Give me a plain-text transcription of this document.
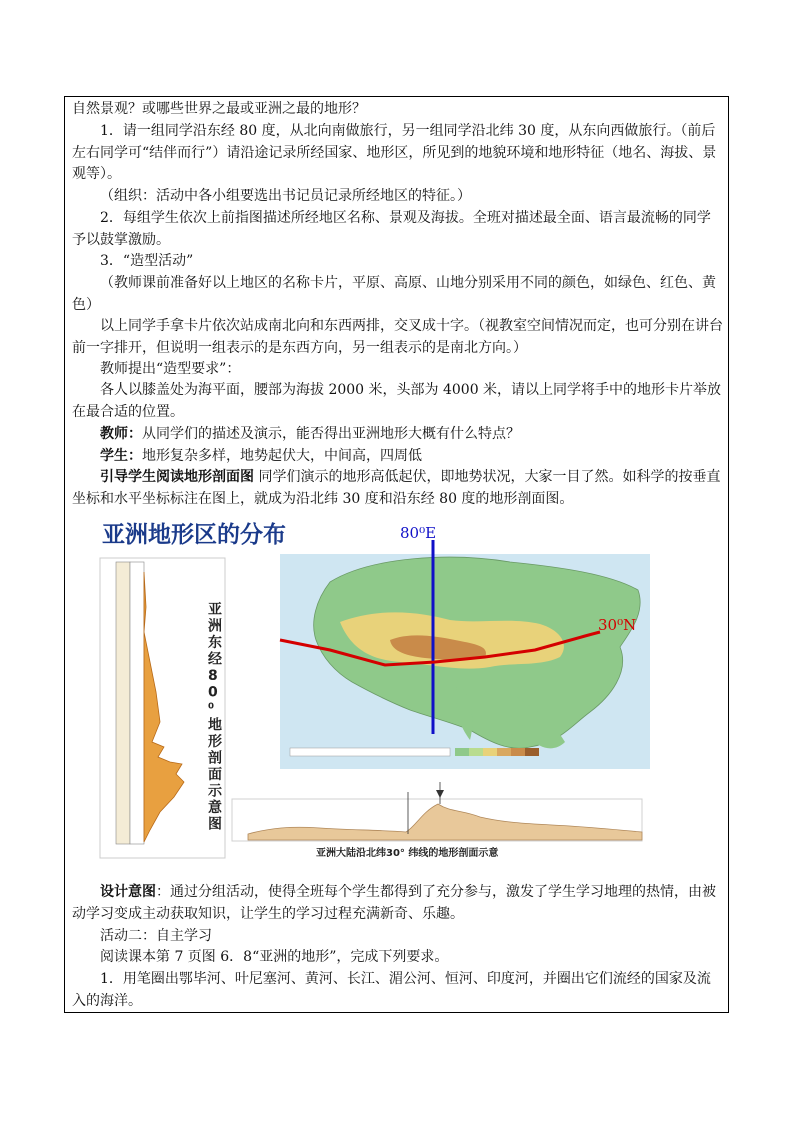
自然景观？或哪些世界之最或亚洲之最的地形？

1．请一组同学沿东经 80 度，从北向南做旅行，另一组同学沿北纬 30 度，从东向西做旅行。（前后左右同学可“结伴而行”）请沿途记录所经国家、地形区，所见到的地貌环境和地形特征（地名、海拔、景观等）。

（组织：活动中各小组要选出书记员记录所经地区的特征。）

2．每组学生依次上前指图描述所经地区名称、景观及海拔。全班对描述最全面、语言最流畅的同学予以鼓掌激励。

3．“造型活动”

（教师课前准备好以上地区的名称卡片，平原、高原、山地分别采用不同的颜色，如绿色、红色、黄色）

以上同学手拿卡片依次站成南北向和东西两排，交叉成十字。（视教室空间情况而定，也可分别在讲台前一字排开，但说明一组表示的是东西方向，另一组表示的是南北方向。）

教师提出“造型要求”：

各人以膝盖处为海平面，腰部为海拔 2000 米，头部为 4000 米，请以上同学将手中的地形卡片举放在最合适的位置。

教师：从同学们的描述及演示，能否得出亚洲地形大概有什么特点？

学生：地形复杂多样，地势起伏大，中间高，四周低

引导学生阅读地形剖面图 同学们演示的地形高低起伏，即地势状况，大家一目了然。如科学的按垂直坐标和水平坐标标注在图上，就成为沿北纬 30 度和沿东经 80 度的地形剖面图。

亚洲地形区的分布	80⁰E
30⁰N
亚洲大陆沿北纬30° 纬线的地形剖面示意
亚
洲
东
经
8
0
⁰
地
形
剖
面
示
意
图

设计意图：通过分组活动，使得全班每个学生都得到了充分参与，激发了学生学习地理的热情，由被动学习变成主动获取知识，让学生的学习过程充满新奇、乐趣。

活动二：自主学习

阅读课本第 7 页图 6．8“亚洲的地形”，完成下列要求。

1．用笔圈出鄂毕河、叶尼塞河、黄河、长江、湄公河、恒河、印度河，并圈出它们流经的国家及流入的海洋。
